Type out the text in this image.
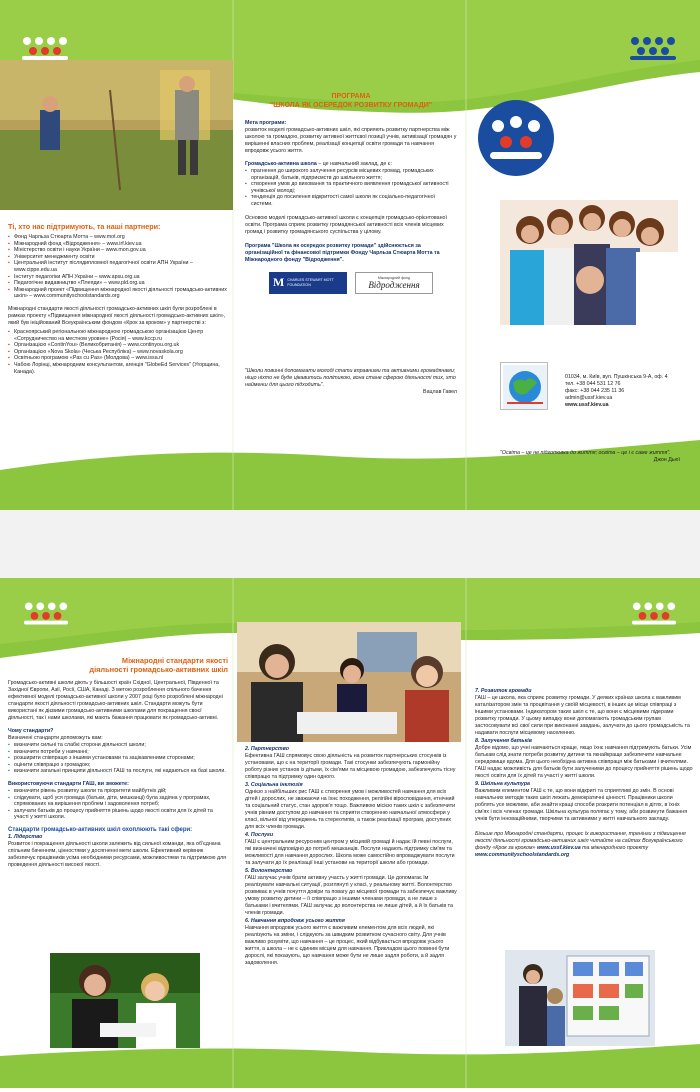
Ті, хто нас підтримують, та наші партнери:
▪ Фонд Чарльза Стюарта Мотта – www.mot.org
▪ Міжнародний фонд «Відродження» – www.irf.kiev.ua
▪ Міністерство освіти і науки України – www.mon.gov.ua
▪ Університет менеджменту освіти
▪ Центральний інститут післядипломної педагогічної освіти АПН України – www.cippe.edu.ua
▪ Інститут педагогіки АПН України – www.apsu.org.ua
▪ Педагогічне видавництво «Плеяди» – www.pld.org.ua
▪ Міжнародний проект «Підвищення міжнародної якості діяльності громадсько-активних шкіл» – www.communityschoolstandards.org
Міжнародні стандарти якості діяльності громадсько-активних шкіл були розроблені в рамках проекту «Підвищення міжнародної якості діяльності громадсько-активних шкіл», який був ініційований Всеукраїнським фондом «Крок за кроком» у партнерстві з:
▪ Красноярський регіональною міжнародною громадською організацією Центр «Сотрудничество на местном уровне» (Росія) – www.kccp.ru
▪ Організацією «ContinYou» (Великобританія) – www.continyou.org.uk
▪ Організацією «Nova Skola» (Чеська Республіка) – www.novaskola.org
▪ Освітньою програмою «Pas cu Pas» (Молдова) – www.issa.nl
▪ Чабою Лорінці, міжнародним консультантом, агенція "GlobeEd Services" (Угорщина, Канада).
ПРОГРАМА
"ШКОЛА ЯК ОСЕРЕДОК РОЗВИТКУ ГРОМАДИ"
Мета програми:
розвиток моделі громадсько-активних шкіл, які сприяють розвитку партнерства між школою та громадою, розвитку активної життєвої позиції учнів, активізації громадян у вирішенні власних проблем, реалізації концепції освіти громади та навчання впродовж усього життя.
Громадсько-активна школа – це навчальний заклад, де є:
▪ прагнення до широкого залучення ресурсів місцевих громад, громадських організацій, батьків, підприємств до шкільного життя;
▪ створення умов до виховання та практичного виявлення громадської активності учнівської молоді;
▪ тенденція до посилення відкритості самої школи як соціально-педагогічної системи.
Основою моделі громадсько-активної школи є концепція громадсько-орієнтованої освіти. Програма сприяє розвитку громадянської активності всіх членів місцевих громад і розвитку громадянського суспільства у цілому.
Програма "Школа як осередок розвитку громади" здійснюється за організаційної та фінансової підтримки Фонду Чарльза Стюарта Мотта та Міжнародного фонду "Відродження".
M CHARLES STEWART MOTT FOUNDATION
Міжнародний фонд
Відродження
"Школи повинні допомагати молоді стати вправними та активними громадянами; ніщо ніхто не буде цікавитись політикою, вона стане сферою діяльності тих, хто найменш для цього підходить".
Вацлав Гавел
ПРОГРАМА
ШКОЛА
ЯК ОСЕРЕДОК
РОЗВИТКУ
ГРОМАДИ
ВСЕУКРАЇНСЬКИЙ ФОНД
"КРОК ЗА КРОКОМ"
01034, м. Київ, вул. Пушкінська 9-А, оф. 4
тел. +38 044 531 12 76
факс: +38 044 235 11 36
admin@ussf.kiev.ua
www.ussf.kiev.ua
"Освіта – це не підготовка до життя; освіта – це і є саме життя".
Джон Дьюї
Міжнародні стандарти якості
діяльності громадсько-активних шкіл
Громадсько-активні школи діють у більшості країн Східної, Центральної, Південної та Західної Європи, Азії, Росії, США, Канаді. З метою розроблення спільного бачення ефективної моделі громадсько-активної школи у 2007 році було розроблені міжнародні стандарти якості діяльності громадсько-активних шкіл. Стандарти можуть бути використані як дієвими громадсько-активними школами для покращення своєї діяльності, так і нами школами, які мають бажання працювати як громадсько-активні.
Чому стандарти?
Визначені стандарти допоможуть вам:
▪ визначити сильні та слабкі сторони діяльності школи;
▪ визначити потреби у навчанні;
▪ розширити співпрацю з іншими установами та зацікавленими сторонами;
▪ оцінити співпрацю з громадою;
▪ визначити загальні принципи діяльності ГАШ та послуги, які надаються на базі школи.
Використовуючи стандарти ГАШ, ви зможете:
▪ визначити рівень розвитку школи та пріоритети майбутніх дій;
▪ слідкувати, щоб уся громада (батьки, діти, мешканці) була задіяна у програмах, спрямованих на вирішення проблем і задоволення потреб;
▪ залучати батьків до процесу прийняття рішень щодо якості освіти для їх дітей та участі у житті школи.
Стандарти громадсько-активних шкіл охоплюють такі сфери:
1. Лідерство
Розвиток і покращення діяльності школи залежить від сильної команди, яка об'єднана спільним баченням, цінностями у досягненні мети школи. Ефективний керівник забезпечує працівників усіма необхідними ресурсами, можливостями та підтримкою для проведення діяльності високої якості.
2. Партнерство
Ефективна ГАШ спрямовує свою діяльність на розвиток партнерських стосунків із установами, що є на території громади. Такі стосунки забезпечують гармонійну роботу різних установ із дітьми, їх сім'ями та місцевою громадою, забезпечують тісну співпрацю та підтримку один одного.
3. Соціальна інклюзія
Однією з найбільших рис ГАШ є створення умов і можливостей навчання для всіх дітей і дорослих, не зважаючи на їхнє походження, релігійні віросповідання, етнічний та соціальний статус, стан здоров'я тощо. Важливою місією таких шкіл є забезпечити учнів рівним доступом до навчання та сприяти створенню навчальної атмосфери у класі, вільної від упереджень та стереотипів, а також реалізації програм, доступних для всіх членів громади.
4. Послуги
ГАШ є центральним ресурсним центром у місцевій громаді й надає їй певні послуги, які визначені відповідно до потреб мешканців. Послуги надають підтримку сім'ям та можливості для навчання дорослих. Школа може самостійно впроваджувати послуги та залучати до їх реалізації інші установи на території школи або громади.
5. Волонтерство
ГАШ залучає учнів брати активну участь у житті громади. Це допомагає їм реалізувати навчальні ситуації, розглянуті у класі, у реальному житті. Волонтерство розвиває в учнів почуття довіри та повагу до місцевої громади та забезпечує важливу умову розвитку дитини – її співпрацю з іншими членами громади, а не лише з батьками і вчителями. ГАШ залучає до волонтерства не лише дітей, а й їх батьків та членів громади.
6. Навчання впродовж усього життя
Навчання впродовж усього життя є важливим елементом для всіх людей, які реалізують на зміни, і слідкують за швидким розвитком сучасного світу. Для учнів важливо розуміти, що навчання – це процес, який відбувається впродовж усього життя, а школа – не є єдиним місцем для навчання. Прикладом цього повинні бути дорослі, які показують, що навчання може бути не лише задля роботи, а й задля задоволення.
7. Розвиток громади
ГАШ – це школа, яка сприяє розвитку громади. У деяких країнах школа є важливим каталізатором змін та процвітання у своїй місцевості, в інших це місце співпраці з іншими установами. Індикатором таких шкіл є те, що вони є місцевими лідерами розвитку громади. У цьому випадку вони допомагають громадським групам застосовувати всі свої сили при виконанні завдань, залучати до цього громадськість та надавати послуги місцевому населенню.
8. Залучення батьків
Добре відомо, що учні навчаються краще, якщо їхнє навчання підтримують батьки. Усім батькам слід знати потреби розвитку дитини та якнайкраще забезпечити навчальне середовище вдома. Для цього необхідна активна співпраця між батьками і вчителями. ГАШ надає можливість для батьків бути залученими до процесу прийняття рішень щодо якості освіти для їх дітей та участі у житті школи.
9. Шкільна культура
Важливим елементом ГАШ є те, що вони відкриті та сприятливі до змін. В основі навчальних методів таких шкіл лежать демократичні цінності. Працівники школи роблять усе можливе, аби знайти кращі способи розкрити потенціал в дітях, в їхніх сім'ях і всіх членах громади. Шкільна культура полягає у тому, аби розвинути бажання учнів бути інноваційними, творчими та активними у житті навчального закладу.
Більше про Міжнародні стандарти, процес їх використання, тренінги з підвищення якості діяльності громадсько-активних шкіл читайте на сайтах Всеукраїнського фонду «Крок за кроком» www.ussf.kiev.ua та міжнародного проекту www.communityschoolstandards.org
